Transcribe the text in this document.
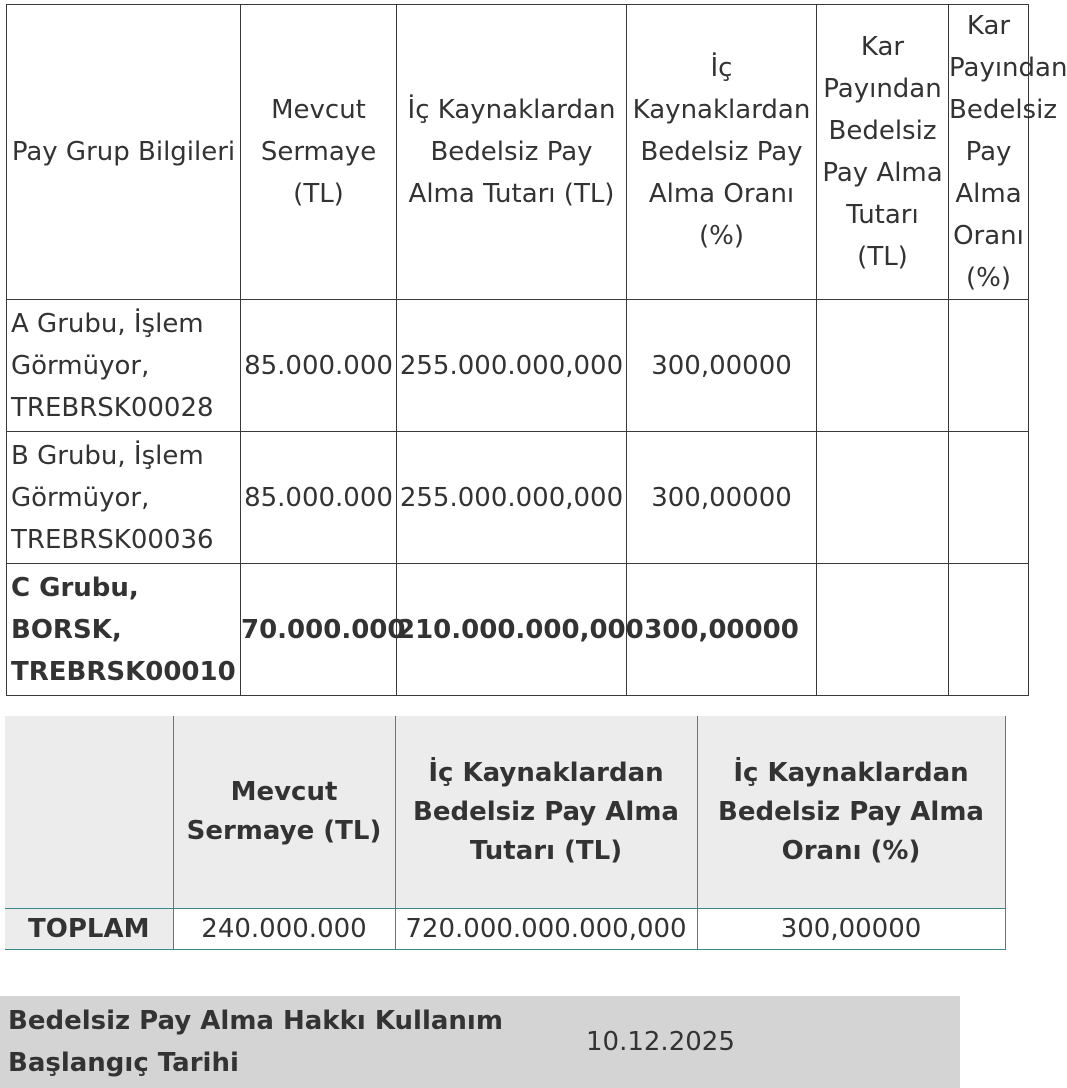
Pay Grup Bilgileri	Mevcut Sermaye (TL)	İç Kaynaklardan Bedelsiz Pay Alma Tutarı (TL)	İç Kaynaklardan Bedelsiz Pay Alma Oranı (%)	Kar Payından Bedelsiz Pay Alma Tutarı (TL)	Kar Payından Bedelsiz Pay Alma Oranı (%)
A Grubu, İşlem Görmüyor, TREBRSK00028	85.000.000	255.000.000,000	300,00000		
B Grubu, İşlem Görmüyor, TREBRSK00036	85.000.000	255.000.000,000	300,00000		
C Grubu, BORSK, TREBRSK00010	70.000.000	210.000.000,000	300,00000		
	Mevcut Sermaye (TL)	İç Kaynaklardan Bedelsiz Pay Alma Tutarı (TL)	İç Kaynaklardan Bedelsiz Pay Alma Oranı (%)
TOPLAM	240.000.000	720.000.000.000,000	300,00000
Bedelsiz Pay Alma Hakkı Kullanım Başlangıç Tarihi
10.12.2025
